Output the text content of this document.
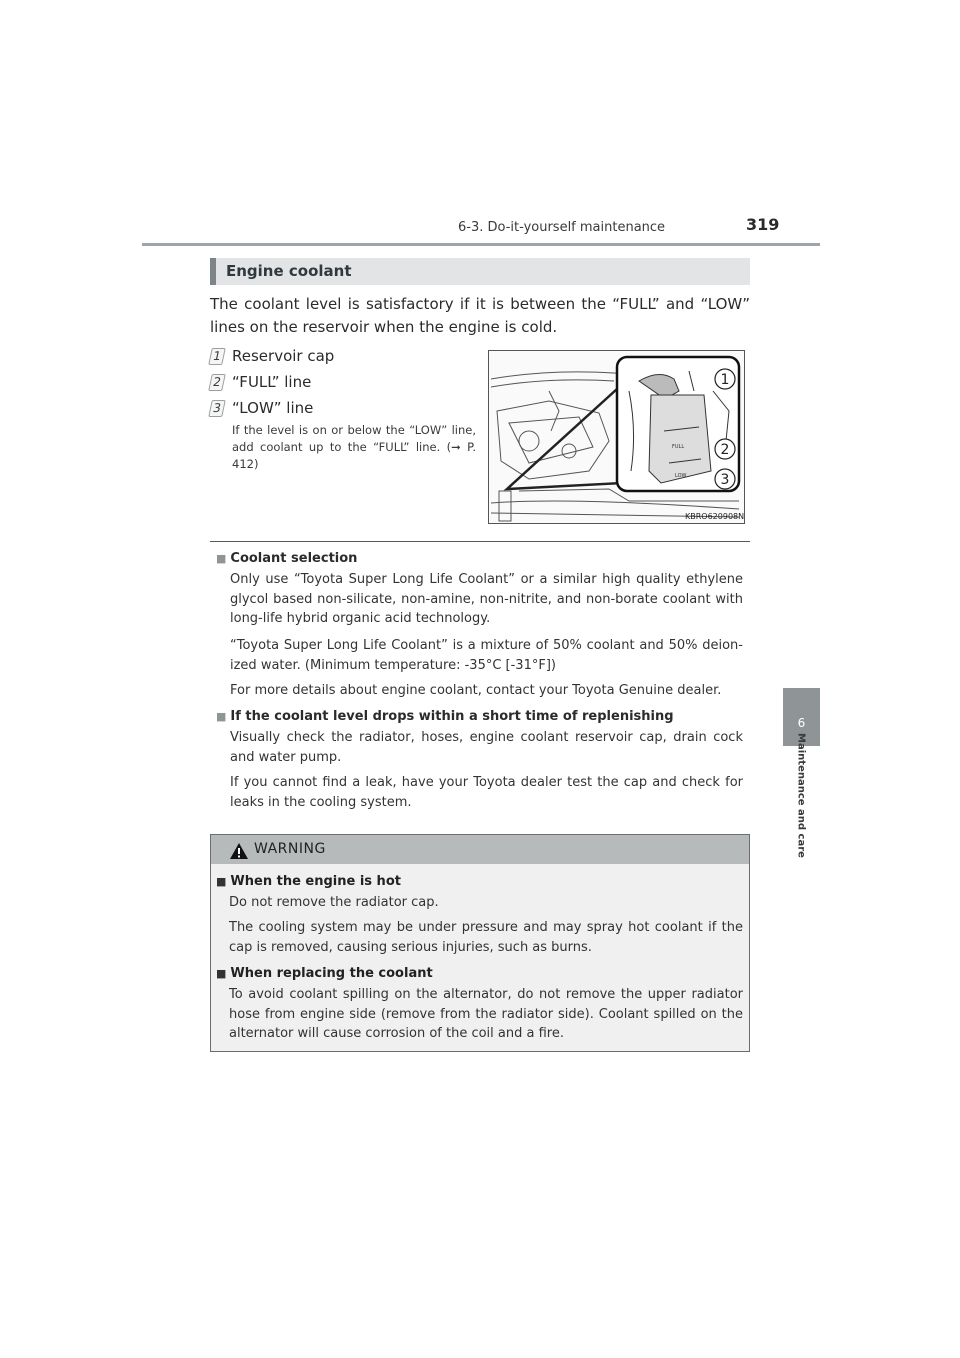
6-3. Do-it-yourself maintenance	319
6
Maintenance and care
Engine coolant
The coolant level is satisfactory if it is between the “FULL” and “LOW” lines on the reservoir when the engine is cold.
1 Reservoir cap
2 “FULL” line
3 “LOW” line
If the level is on or below the “LOW” line, add coolant up to the “FULL” line. (➞ P. 412)
FULL
LOW
1
2
3
KBRO620908N
■ Coolant selection
Only use “Toyota Super Long Life Coolant” or a similar high quality ethylene glycol based non-silicate, non-amine, non-nitrite, and non-borate coolant with long-life hybrid organic acid technology.
“Toyota Super Long Life Coolant” is a mixture of 50% coolant and 50% deion-ized water. (Minimum temperature: -35°C [-31°F])
For more details about engine coolant, contact your Toyota Genuine dealer.
■ If the coolant level drops within a short time of replenishing
Visually check the radiator, hoses, engine coolant reservoir cap, drain cock and water pump.
If you cannot find a leak, have your Toyota dealer test the cap and check for leaks in the cooling system.
WARNING
■ When the engine is hot
Do not remove the radiator cap.
The cooling system may be under pressure and may spray hot coolant if the cap is removed, causing serious injuries, such as burns.
■ When replacing the coolant
To avoid coolant spilling on the alternator, do not remove the upper radiator hose from engine side (remove from the radiator side). Coolant spilled on the alternator will cause corrosion of the coil and a fire.
